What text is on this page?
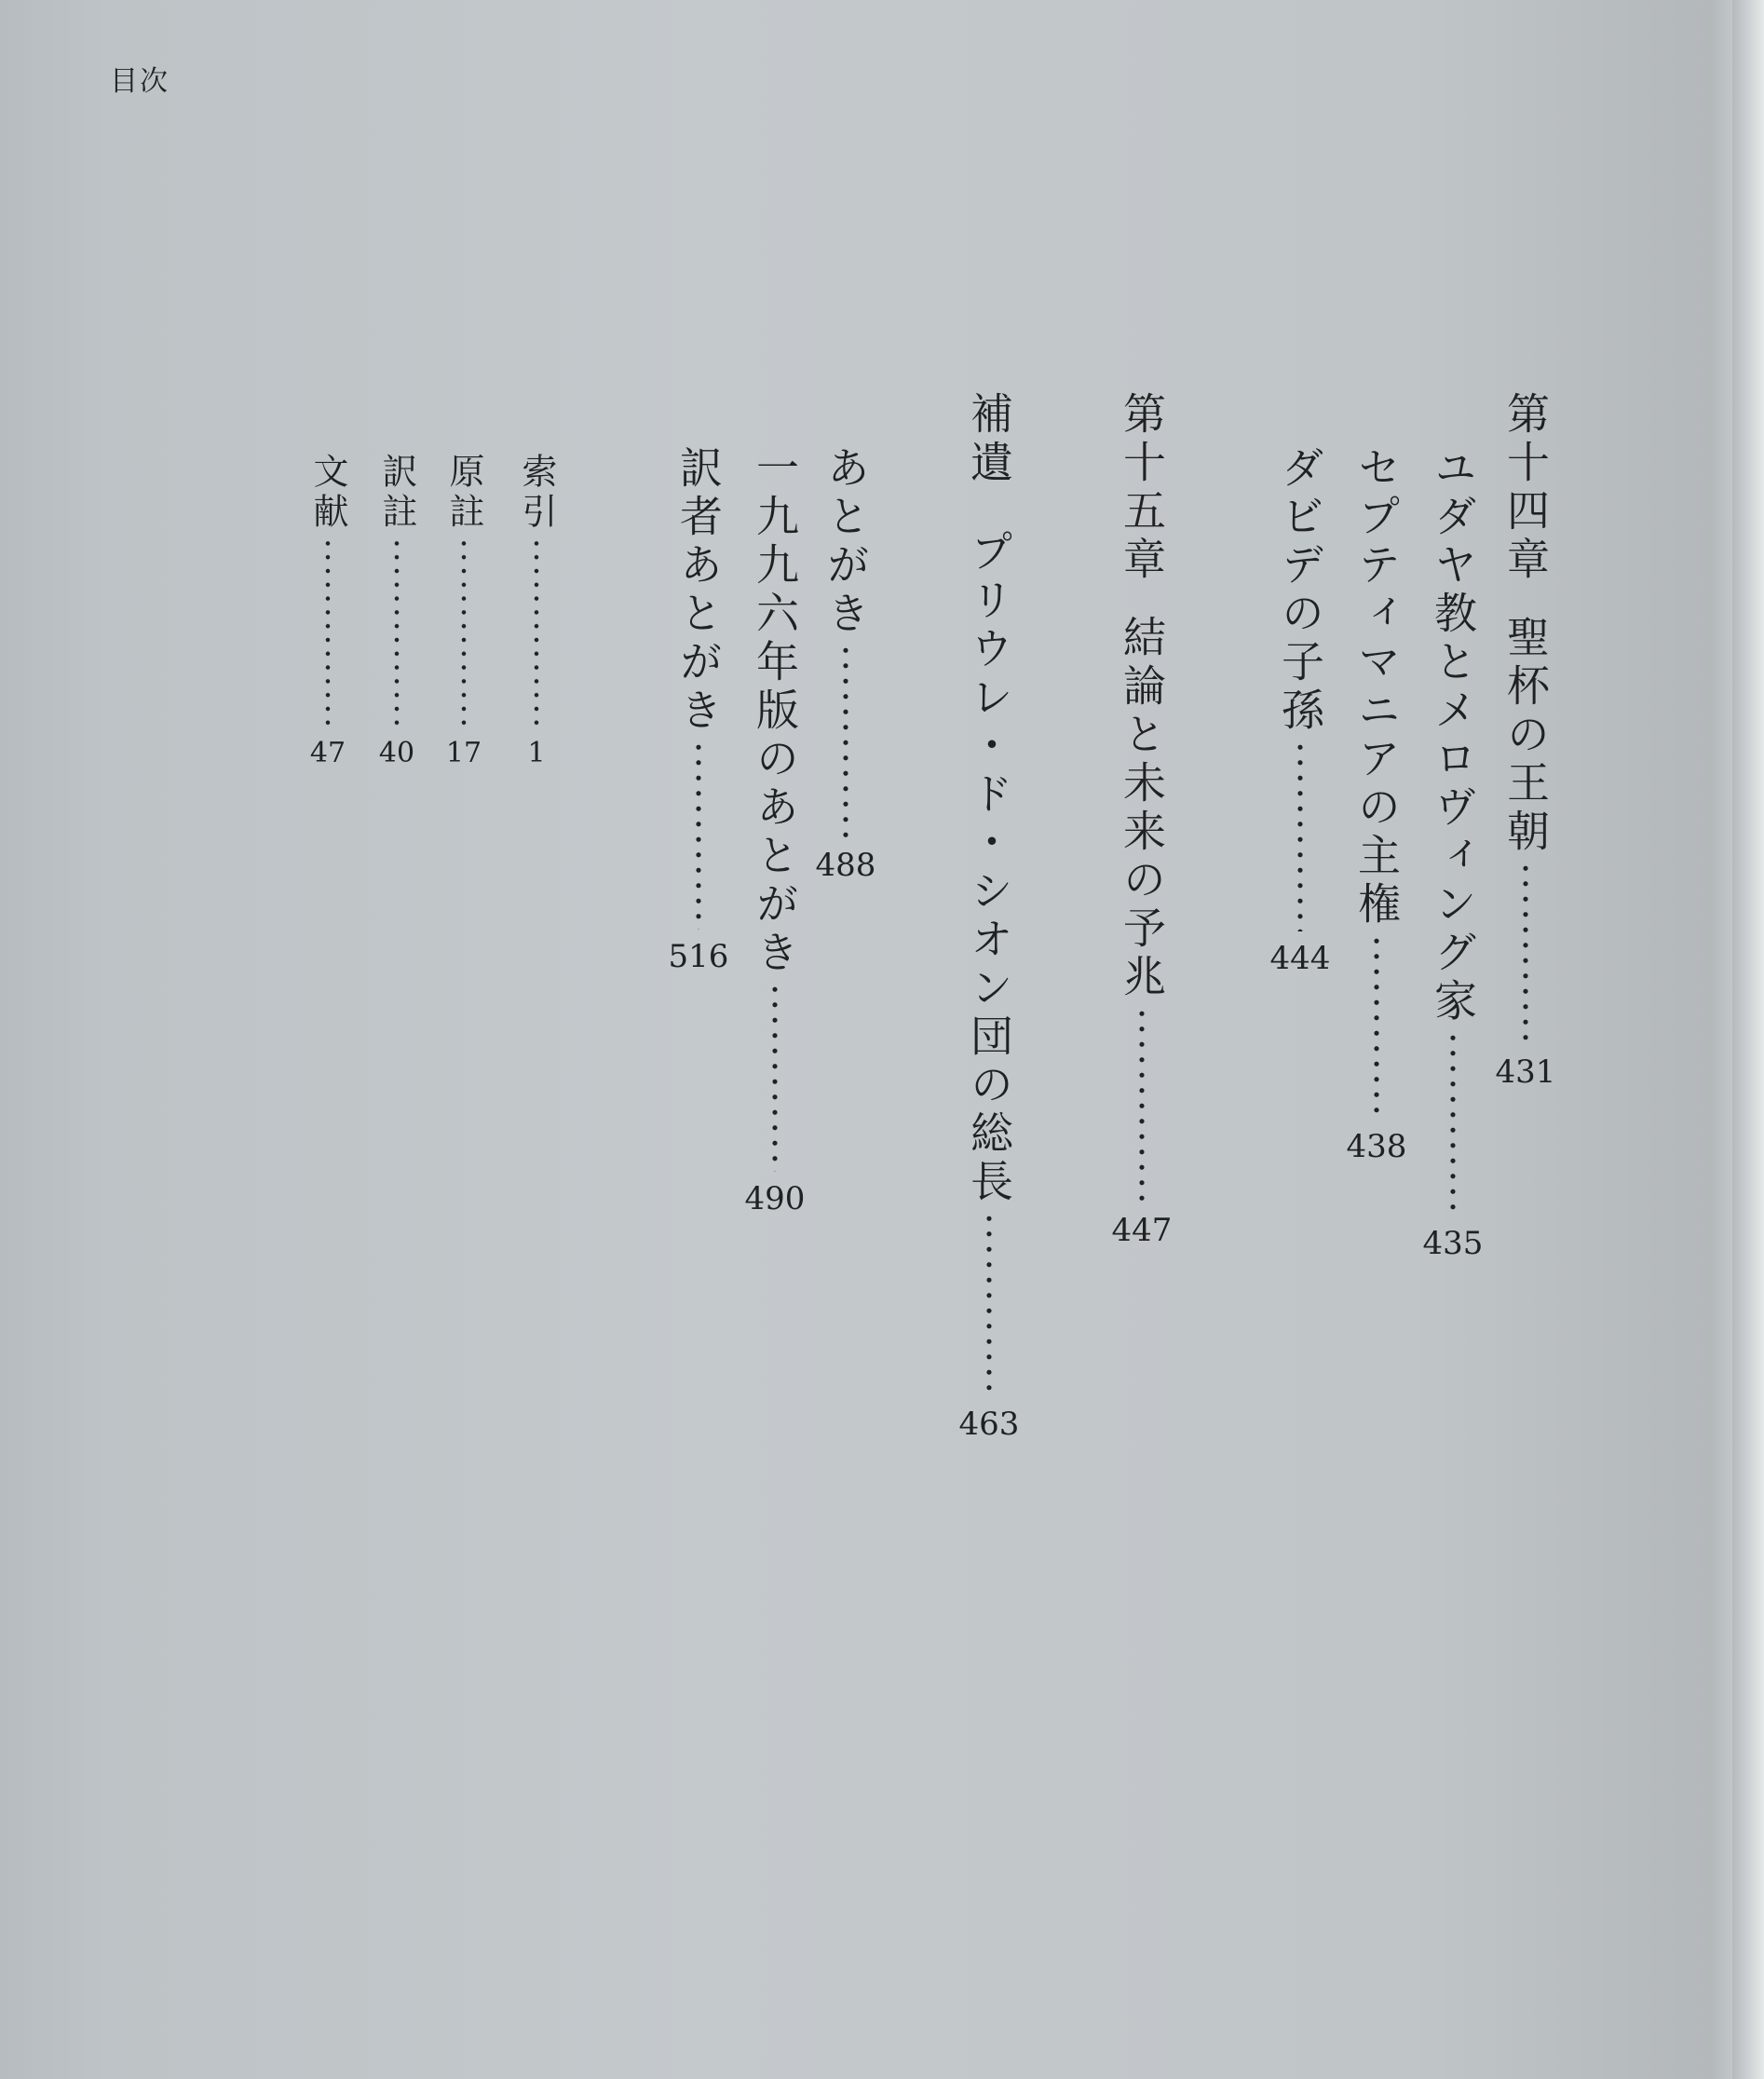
目次
第十四章聖杯の王朝
431
ユダヤ教とメロヴィング家
435
セプティマニアの主権
438
ダビデの子孫
444
第十五章結論と未来の予兆
447
補遺プリウレ・ド・シオン団の総長
463
あとがき
488
一九九六年版のあとがき
490
訳者あとがき
516
索引
1
原註
17
訳註
40
文献
47
